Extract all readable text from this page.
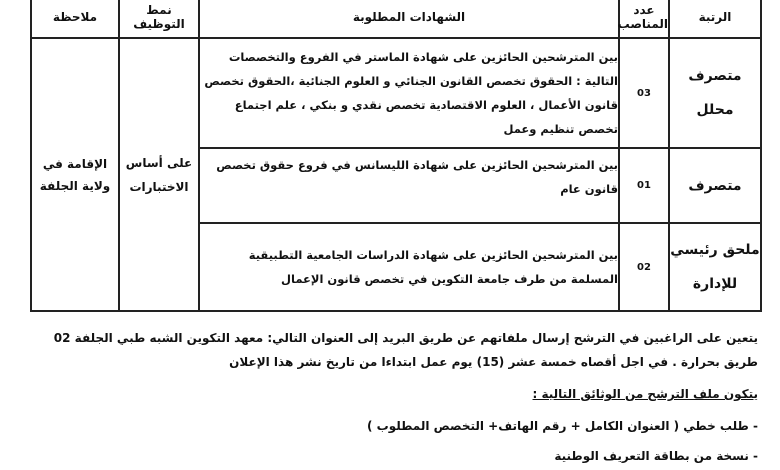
الرتبة	عدد المناصب	الشهادات المطلوبة	نمط التوظيف	ملاحظة
متصرف محلل	03	بين المترشحين الحائزين على شهادة الماستر في الفروع والتخصصات التالية : الحقوق تخصص القانون الجنائي و العلوم الجنائية ،الحقوق تخصص قانون الأعمال ، العلوم الاقتصادية تخصص نقدي و بنكي ، علم اجتماع تخصص تنظيم وعمل	على أساس الاختبارات	الإقامة في ولاية الجلفة
متصرف	01	بين المترشحين الحائزين على شهادة الليسانس في فروع حقوق تخصص قانون عام		
ملحق رئيسي للإدارة	02	بين المترشحين الحائزين على شهادة الدراسات الجامعية التطبيقية المسلمة من طرف جامعة التكوين في تخصص قانون الإعمال		
يتعين على الراغبين في الترشح إرسال ملفاتهم عن طريق البريد إلى العنوان التالي: معهد التكوين الشبه طبي الجلفة 02 طريق بحرارة . في اجل أقصاه خمسة عشر (15) يوم عمل ابتداءا من تاريخ نشر هذا الإعلان
يتكون ملف الترشح من الوثائق التالية :
- طلب خطي ( العنوان الكامل + رقم الهاتف+ التخصص المطلوب )
- نسخة من بطاقة التعريف الوطنية
